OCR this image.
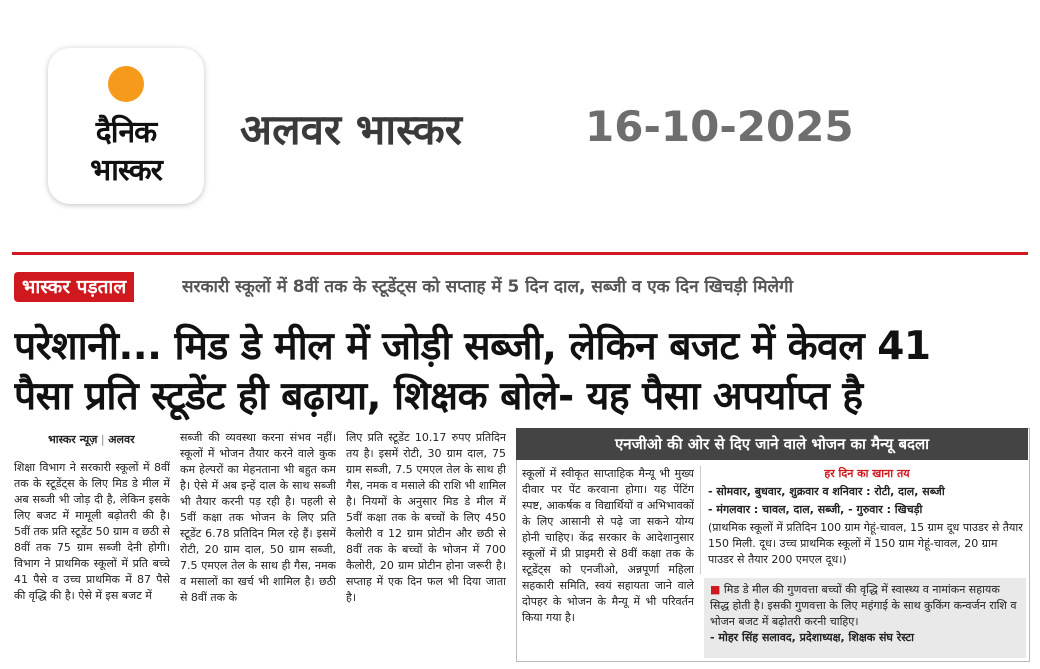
दैनिक
भास्कर
अलवर भास्कर	16-10-2025
भास्कर पड़ताल	सरकारी स्कूलों में 8वीं तक के स्टूडेंट्स को सप्ताह में 5 दिन दाल, सब्जी व एक दिन खिचड़ी मिलेगी
परेशानी... मिड डे मील में जोड़ी सब्जी, लेकिन बजट में केवल 41
पैसा प्रति स्टूडेंट ही बढ़ाया, शिक्षक बोले- यह पैसा अपर्याप्त है
भास्कर न्यूज़ | अलवर
शिक्षा विभाग ने सरकारी स्कूलों में 8वीं तक के स्टूडेंट्स के लिए मिड डे मील में अब सब्जी भी जोड़ दी है, लेकिन इसके लिए बजट में मामूली बढ़ोतरी की है। 5वीं तक प्रति स्टूडेंट 50 ग्राम व छठी से 8वीं तक 75 ग्राम सब्जी देनी होगी। विभाग ने प्राथमिक स्कूलों में प्रति बच्चे 41 पैसे व उच्च प्राथमिक में 87 पैसे की वृद्धि की है। ऐसे में इस बजट में
सब्जी की व्यवस्था करना संभव नहीं। स्कूलों में भोजन तैयार करने वाले कुक कम हेल्परों का मेहनताना भी बहुत कम है। ऐसे में अब इन्हें दाल के साथ सब्जी भी तैयार करनी पड़ रही है। पहली से 5वीं कक्षा तक भोजन के लिए प्रति स्टूडेंट 6.78 प्रतिदिन मिल रहे हैं। इसमें रोटी, 20 ग्राम दाल, 50 ग्राम सब्जी, 7.5 एमएल तेल के साथ ही गैस, नमक व मसालों का खर्च भी शामिल है। छठी से 8वीं तक के
लिए प्रति स्टूडेंट 10.17 रुपए प्रतिदिन तय है। इसमें रोटी, 30 ग्राम दाल, 75 ग्राम सब्जी, 7.5 एमएल तेल के साथ ही गैस, नमक व मसाले की राशि भी शामिल है। नियमों के अनुसार मिड डे मील में 5वीं कक्षा तक के बच्चों के लिए 450 कैलोरी व 12 ग्राम प्रोटीन और छठी से 8वीं तक के बच्चों के भोजन में 700 कैलोरी, 20 ग्राम प्रोटीन होना जरूरी है। सप्ताह में एक दिन फल भी दिया जाता है।
एनजीओ की ओर से दिए जाने वाले भोजन का मैन्यू बदला
स्कूलों में स्वीकृत साप्ताहिक मैन्यू भी मुख्य दीवार पर पेंट करवाना होगा। यह पेंटिंग स्पष्ट, आकर्षक व विद्यार्थियों व अभिभावकों के लिए आसानी से पढ़े जा सकने योग्य होनी चाहिए। केंद्र सरकार के आदेशानुसार स्कूलों में प्री प्राइमरी से 8वीं कक्षा तक के स्टूडेंट्स को एनजीओ, अन्नपूर्णा महिला सहकारी समिति, स्वयं सहायता जाने वाले दोपहर के भोजन के मैन्यू में भी परिवर्तन किया गया है।
हर दिन का खाना तय
- सोमवार, बुधवार, शुक्रवार व शनिवार : रोटी, दाल, सब्जी
- मंगलवार : चावल, दाल, सब्जी, - गुरुवार : खिचड़ी
(प्राथमिक स्कूलों में प्रतिदिन 100 ग्राम गेहूं-चावल, 15 ग्राम दूध पाउडर से तैयार 150 मिली. दूध। उच्च प्राथमिक स्कूलों में 150 ग्राम गेहूं-चावल, 20 ग्राम पाउडर से तैयार 200 एमएल दूध।)
■ मिड डे मील की गुणवत्ता बच्चों की वृद्धि में स्वास्थ्य व नामांकन सहायक सिद्ध होती है। इसकी गुणवत्ता के लिए महंगाई के साथ कुकिंग कन्वर्जन राशि व भोजन बजट में बढ़ोतरी करनी चाहिए।
- मोहर सिंह सलावद, प्रदेशाध्यक्ष, शिक्षक संघ रेस्टा
